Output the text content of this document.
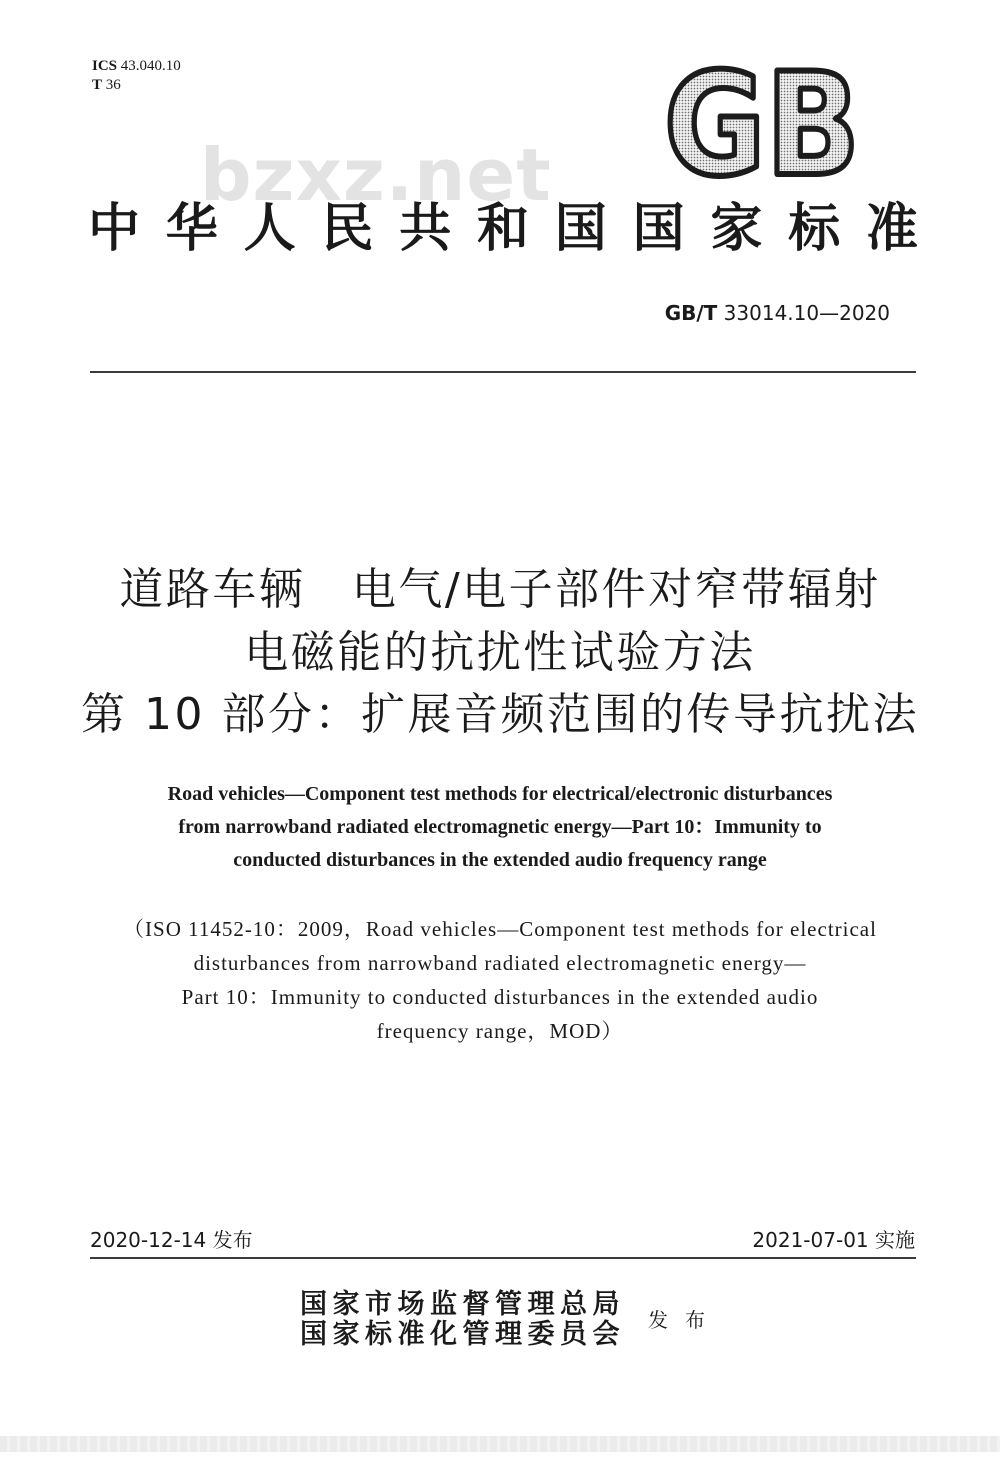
ICS 43.040.10
T 36	GB
bzxz.net
中华人民共和国国家标准
GB/T 33014.10—2020
道路车辆　电气/电子部件对窄带辐射
电磁能的抗扰性试验方法
第 10 部分：扩展音频范围的传导抗扰法
Road vehicles—Component test methods for electrical/electronic disturbances
from narrowband radiated electromagnetic energy—Part 10：Immunity to
conducted disturbances in the extended audio frequency range
（ISO 11452-10：2009，Road vehicles—Component test methods for electrical
disturbances from narrowband radiated electromagnetic energy—
Part 10：Immunity to conducted disturbances in the extended audio
frequency range，MOD）
2020-12-14 发布	2021-07-01 实施
国家市场监督管理总局
国家标准化管理委员会 发布
